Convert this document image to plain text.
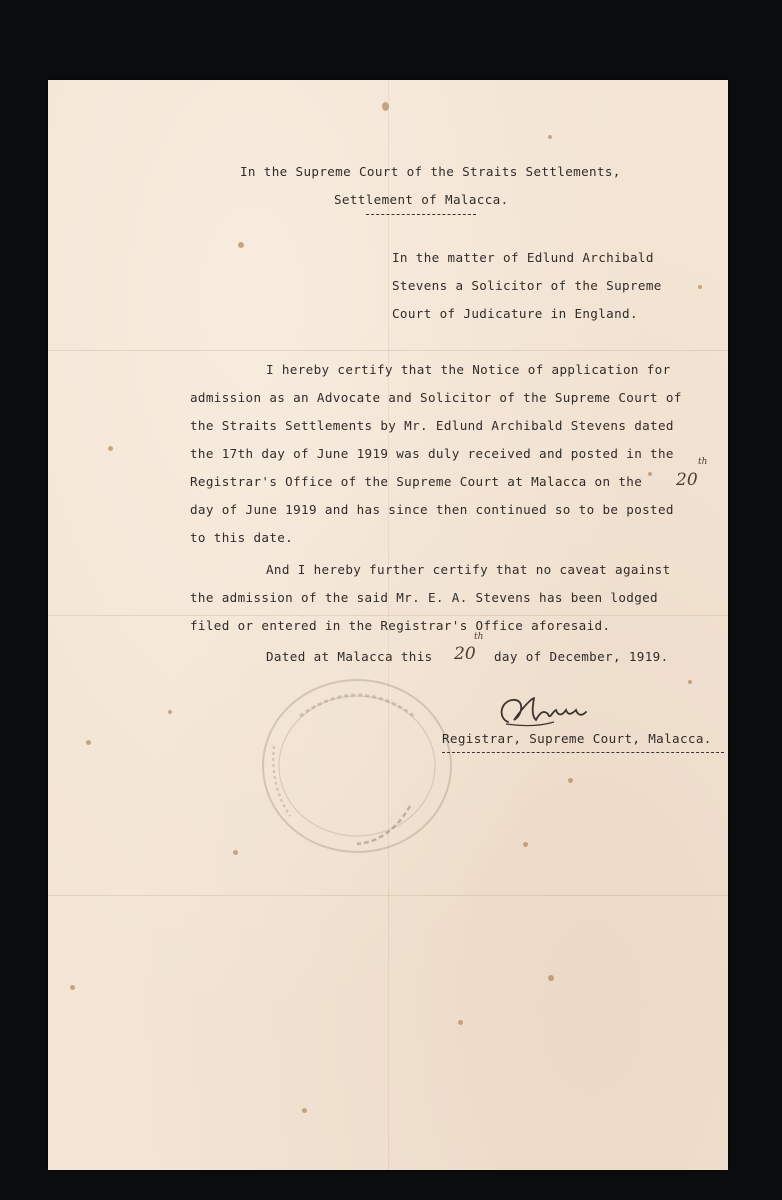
In the Supreme Court of the Straits Settlements,
Settlement of Malacca.
In the matter of Edlund Archibald
Stevens a Solicitor of the Supreme
Court of Judicature in England.
I hereby certify that the Notice of application for
admission as an Advocate and Solicitor of the Supreme Court of
the Straits Settlements by Mr. Edlund Archibald Stevens dated
the 17th day of June 1919 was duly received and posted in the
Registrar's Office of the Supreme Court at Malacca on the 20
th
day of June 1919 and has since then continued so to be posted
to this date.
And I hereby further certify that no caveat against
the admission of the said Mr. E. A. Stevens has been lodged
filed or entered in the Registrar's Office aforesaid.
Dated at Malacca this 20
th
day of December, 1919.
Registrar, Supreme Court, Malacca.
